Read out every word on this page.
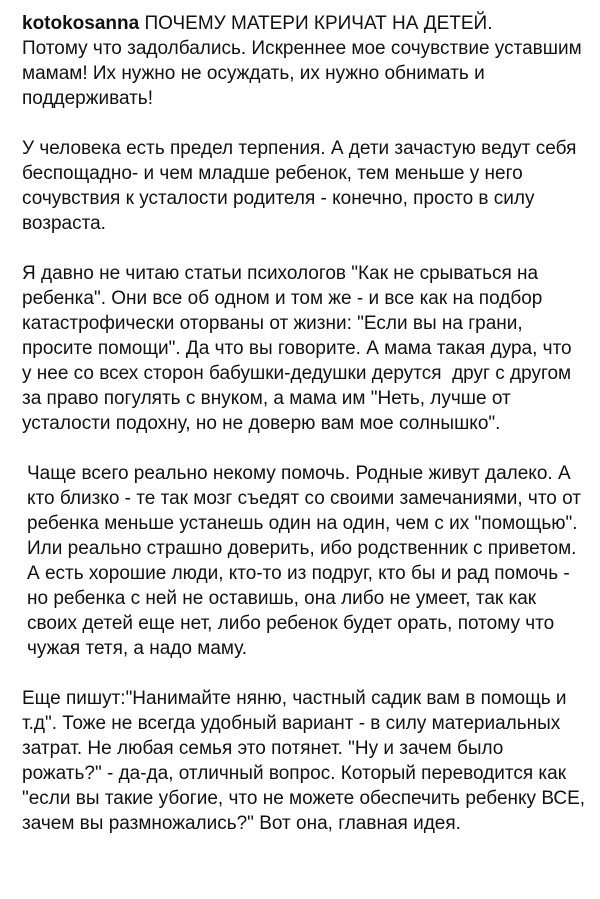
kotokosanna ПОЧЕМУ МАТЕРИ КРИЧАТ НА ДЕТЕЙ.
Потому что задолбались. Искреннее мое сочувствие уставшим мамам! Их нужно не осуждать, их нужно обнимать и поддерживать!

У человека есть предел терпения. А дети зачастую ведут себя беспощадно- и чем младше ребенок, тем меньше у него сочувствия к усталости родителя - конечно, просто в силу возраста.

Я давно не читаю статьи психологов "Как не срываться на ребенка". Они все об одном и том же - и все как на подбор катастрофически оторваны от жизни: "Если вы на грани, просите помощи". Да что вы говорите. А мама такая дура, что у нее со всех сторон бабушки-дедушки дерутся  друг с другом за право погулять с внуком, а мама им "Неть, лучше от усталости подохну, но не доверю вам мое солнышко".

Чаще всего реально некому помочь. Родные живут далеко. А кто близко - те так мозг съедят со своими замечаниями, что от ребенка меньше устанешь один на один, чем с их "помощью". Или реально страшно доверить, ибо родственник с приветом. А есть хорошие люди, кто-то из подруг, кто бы и рад помочь - но ребенка с ней не оставишь, она либо не умеет, так как своих детей еще нет, либо ребенок будет орать, потому что чужая тетя, а надо маму.

Еще пишут:"Нанимайте няню, частный садик вам в помощь и т.д". Тоже не всегда удобный вариант - в силу материальных затрат. Не любая семья это потянет. "Ну и зачем было рожать?" - да-да, отличный вопрос. Который переводится как "если вы такие убогие, что не можете обеспечить ребенку ВСЕ, зачем вы размножались?" Вот она, главная идея.
